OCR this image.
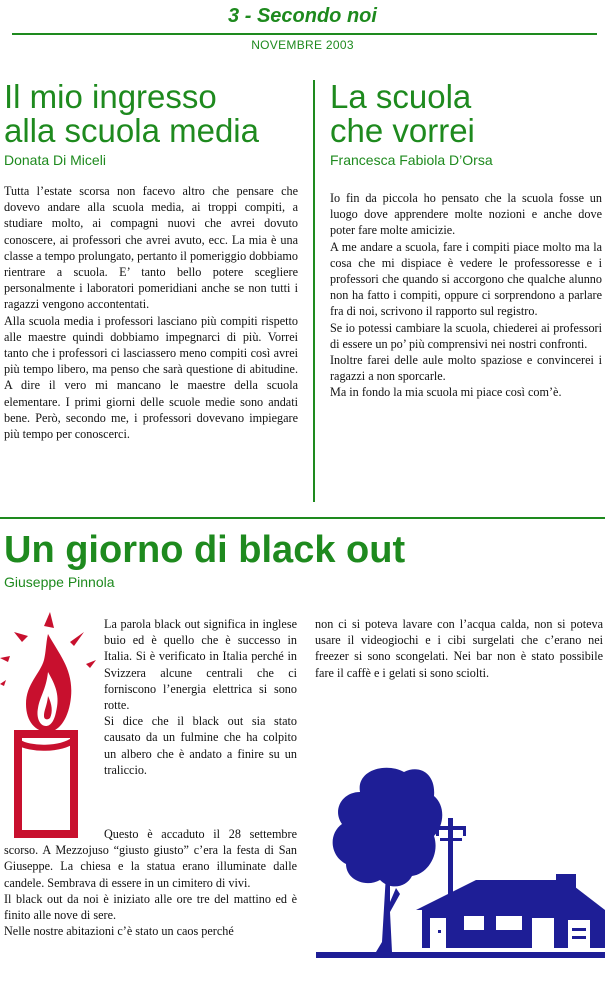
3 - Secondo noi
NOVEMBRE 2003
Il mio ingresso
alla scuola media
Donata Di Miceli

Tutta l’estate scorsa non facevo altro che pensare che dovevo andare alla scuola media, ai troppi compiti, a studiare molto, ai compagni nuovi che avrei dovuto conoscere, ai professori che avrei avuto, ecc. La mia è una classe a tempo prolungato, pertanto il pomeriggio dobbiamo rientrare a scuola. E’ tanto bello potere scegliere personalmente i laboratori pomeridiani anche se non tutti i ragazzi vengono accontentati.

Alla scuola media i professori lasciano più compiti rispetto alle maestre quindi dobbiamo impegnarci di più. Vorrei tanto che i professori ci lasciassero meno compiti così avrei più tempo libero, ma penso che sarà questione di abitudine. A dire il vero mi mancano le maestre della scuola elementare. I primi giorni delle scuole medie sono andati bene. Però, secondo me, i professori dovevano impiegare più tempo per conoscerci.

La scuola
che vorrei
Francesca Fabiola D’Orsa

Io fin da piccola ho pensato che la scuola fosse un luogo dove apprendere molte nozioni e anche dove poter fare molte amicizie.

A me andare a scuola, fare i compiti piace molto ma la cosa che mi dispiace è vedere le professoresse e i professori che quando si accorgono che qualche alunno non ha fatto i compiti, oppure ci sorprendono a parlare fra di noi, scrivono il rapporto sul registro.

Se io potessi cambiare la scuola, chiederei ai professori di essere un po’ più comprensivi nei nostri confronti.

Inoltre farei delle aule molto spaziose e convincerei i ragazzi a non sporcarle.

Ma in fondo la mia scuola mi piace così com’è.

Un giorno di black out
Giuseppe Pinnola

La parola black out significa in inglese buio ed è quello che è successo in Italia. Si è verificato in Italia perché in Svizzera alcune centrali che ci forniscono l’energia elettrica si sono rotte.

Si dice che il black out sia stato causato da un fulmine che ha colpito un albero che è andato a finire su un traliccio.

Questo è accaduto il 28 settembre scorso. A Mezzojuso “giusto giusto” c’era la festa di San Giuseppe. La chiesa e la statua erano illuminate dalle candele. Sembrava di essere in un cimitero di vivi.

Il black out da noi è iniziato alle ore tre del mattino ed è finito alle nove di sere.

Nelle nostre abitazioni c’è stato un caos perché

non ci si poteva lavare con l’acqua calda, non si poteva usare il videogiochi e i cibi surgelati che c’erano nei freezer si sono scongelati. Nei bar non è stato possibile fare il caffè e i gelati si sono sciolti.
